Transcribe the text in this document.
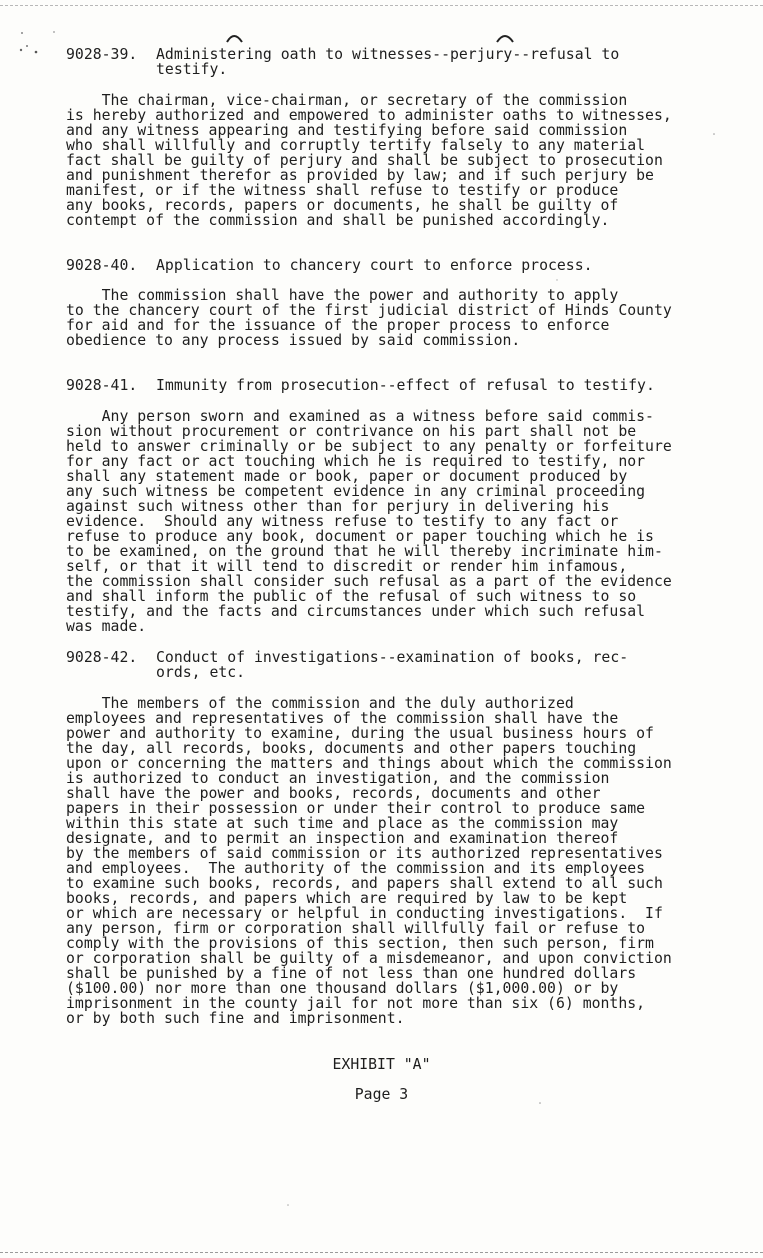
9028-39. Administering oath to witnesses--perjury--refusal to
testify.
The chairman, vice-chairman, or secretary of the commission
is hereby authorized and empowered to administer oaths to witnesses,
and any witness appearing and testifying before said commission
who shall willfully and corruptly tertify falsely to any material
fact shall be guilty of perjury and shall be subject to prosecution
and punishment therefor as provided by law; and if such perjury be
manifest, or if the witness shall refuse to testify or produce
any books, records, papers or documents, he shall be guilty of
contempt of the commission and shall be punished accordingly.
9028-40. Application to chancery court to enforce process.
The commission shall have the power and authority to apply
to the chancery court of the first judicial district of Hinds County
for aid and for the issuance of the proper process to enforce
obedience to any process issued by said commission.
9028-41. Immunity from prosecution--effect of refusal to testify.
Any person sworn and examined as a witness before said commis-
sion without procurement or contrivance on his part shall not be
held to answer criminally or be subject to any penalty or forfeiture
for any fact or act touching which he is required to testify, nor
shall any statement made or book, paper or document produced by
any such witness be competent evidence in any criminal proceeding
against such witness other than for perjury in delivering his
evidence.  Should any witness refuse to testify to any fact or
refuse to produce any book, document or paper touching which he is
to be examined, on the ground that he will thereby incriminate him-
self, or that it will tend to discredit or render him infamous,
the commission shall consider such refusal as a part of the evidence
and shall inform the public of the refusal of such witness to so
testify, and the facts and circumstances under which such refusal
was made.
9028-42. Conduct of investigations--examination of books, rec-
ords, etc.
The members of the commission and the duly authorized
employees and representatives of the commission shall have the
power and authority to examine, during the usual business hours of
the day, all records, books, documents and other papers touching
upon or concerning the matters and things about which the commission
is authorized to conduct an investigation, and the commission
shall have the power and books, records, documents and other
papers in their possession or under their control to produce same
within this state at such time and place as the commission may
designate, and to permit an inspection and examination thereof
by the members of said commission or its authorized representatives
and employees.  The authority of the commission and its employees
to examine such books, records, and papers shall extend to all such
books, records, and papers which are required by law to be kept
or which are necessary or helpful in conducting investigations.  If
any person, firm or corporation shall willfully fail or refuse to
comply with the provisions of this section, then such person, firm
or corporation shall be guilty of a misdemeanor, and upon conviction
shall be punished by a fine of not less than one hundred dollars
($100.00) nor more than one thousand dollars ($1,000.00) or by
imprisonment in the county jail for not more than six (6) months,
or by both such fine and imprisonment.
EXHIBIT "A"
Page 3
